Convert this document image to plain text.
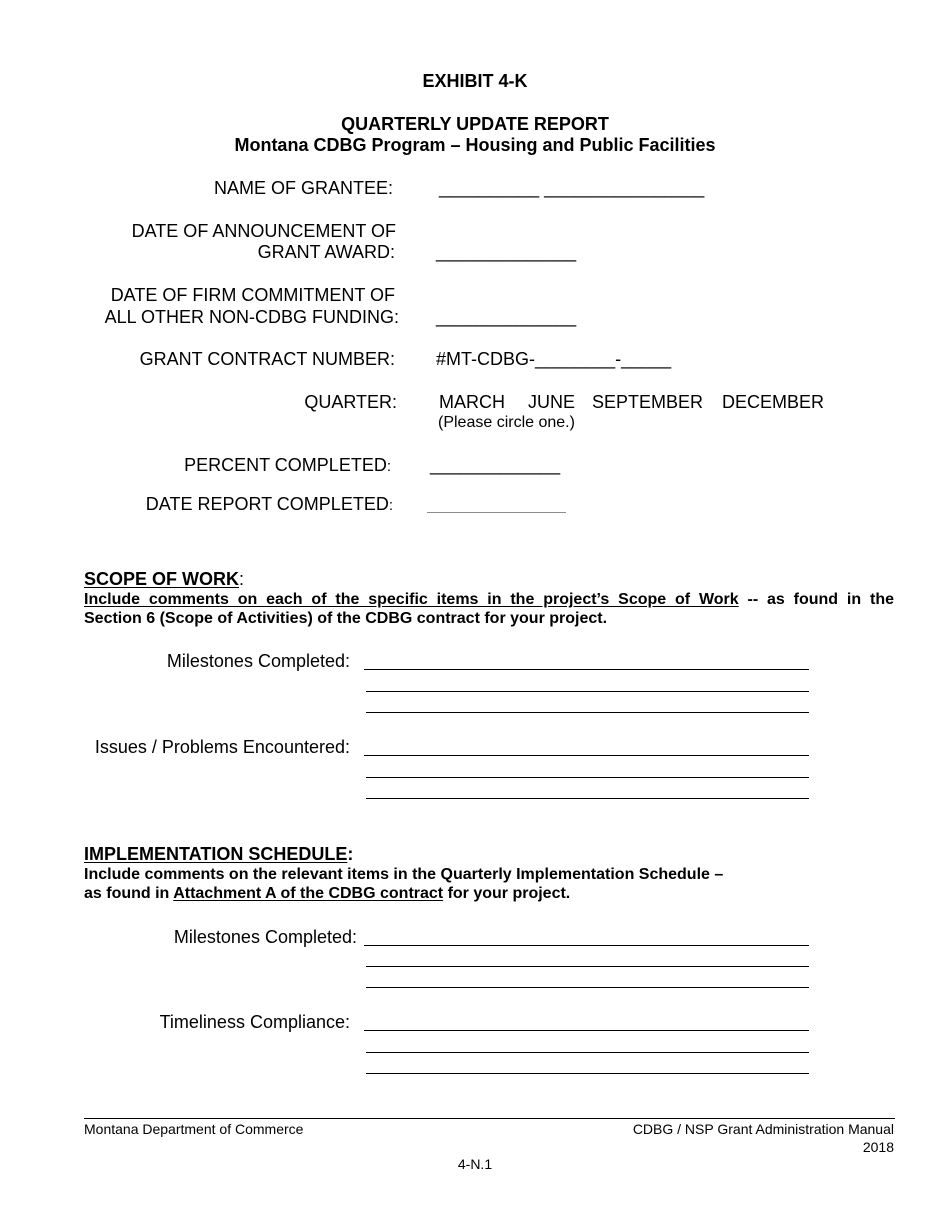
EXHIBIT 4-K
QUARTERLY UPDATE REPORT
Montana CDBG Program – Housing and Public Facilities
NAME OF GRANTEE:	__________ ________________
DATE OF ANNOUNCEMENT OF
GRANT AWARD: ______________
DATE OF FIRM COMMITMENT OF
ALL OTHER NON-CDBG FUNDING: ______________
GRANT CONTRACT NUMBER: #MT-CDBG-________-_____
QUARTER: MARCH JUNE SEPTEMBER DECEMBER
(Please circle one.)
PERCENT COMPLETED: _____________
DATE REPORT COMPLETED:
SCOPE OF WORK:
Include comments on each of the specific items in the project’s Scope of Work -- as found in the
Section 6 (Scope of Activities) of the CDBG contract for your project.
Milestones Completed:
Issues / Problems Encountered:
IMPLEMENTATION SCHEDULE:
Include comments on the relevant items in the Quarterly Implementation Schedule –
as found in Attachment A of the CDBG contract for your project.
Milestones Completed:
Timeliness Compliance:
Montana Department of Commerce	CDBG / NSP Grant Administration Manual
2018
4-N.1
